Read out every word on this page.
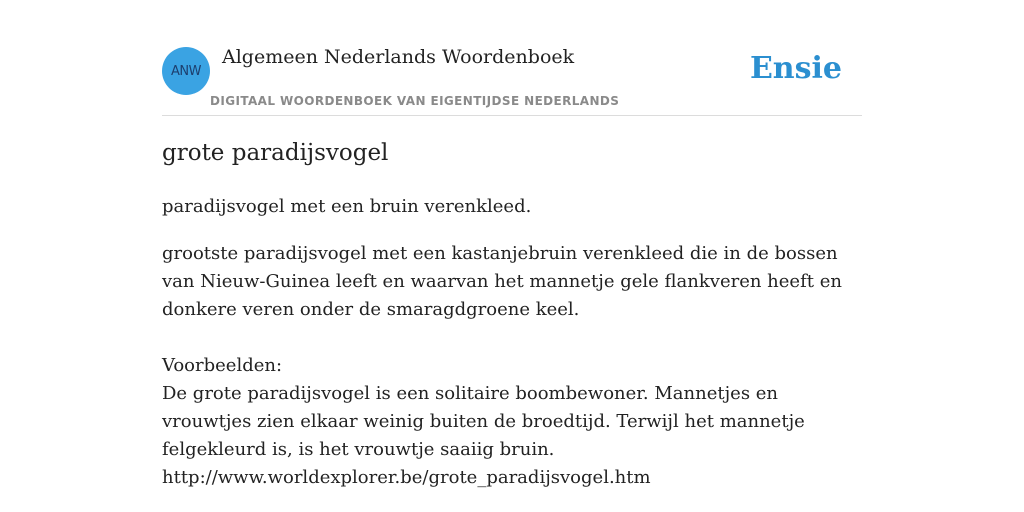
ANW
Algemeen Nederlands Woordenboek
DIGITAAL WOORDENBOEK VAN EIGENTIJDSE NEDERLANDS
Ensie
grote paradijsvogel

paradijsvogel met een bruin verenkleed.

grootste paradijsvogel met een kastanjebruin verenkleed die in de bossen van Nieuw-Guinea leeft en waarvan het mannetje gele flankveren heeft en donkere veren onder de smaragdgroene keel.

Voorbeelden:

De grote paradijsvogel is een solitaire boombewoner. Mannetjes en vrouwtjes zien elkaar weinig buiten de broedtijd. Terwijl het mannetje felgekleurd is, is het vrouwtje saaiig bruin.

http://www.worldexplorer.be/grote_paradijsvogel.htm
